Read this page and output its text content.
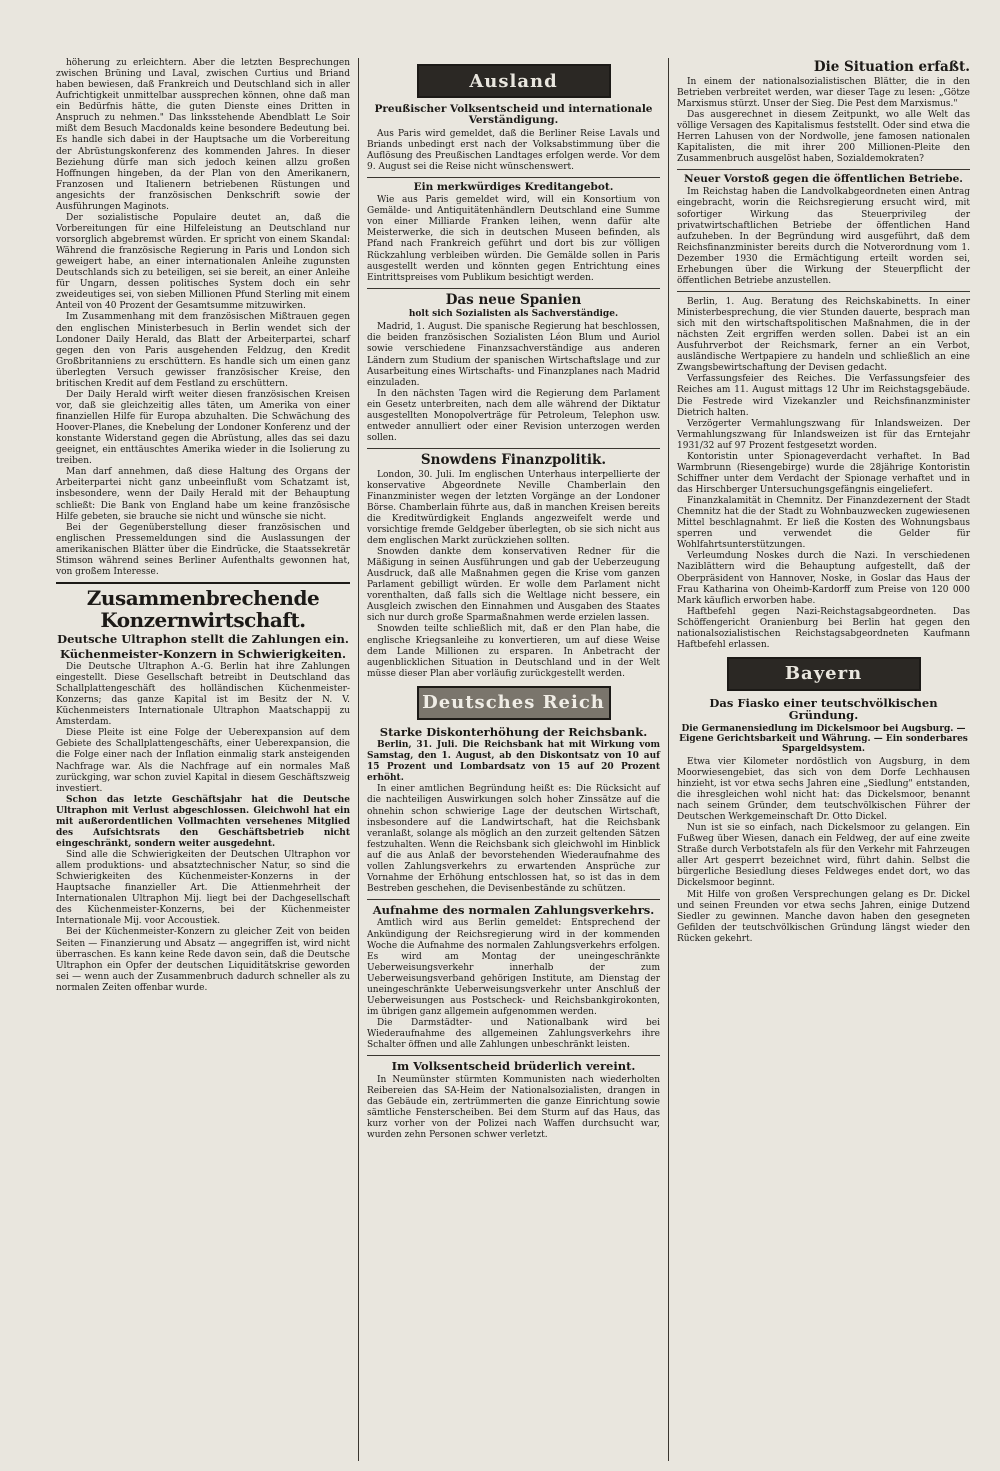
höherung zu erleichtern. Aber die letzten Besprechungen zwischen Brüning und Laval, zwischen Curtius und Briand haben bewiesen, daß Frankreich und Deutschland sich in aller Aufrichtigkeit unmittelbar aussprechen können, ohne daß man ein Bedürfnis hätte, die guten Dienste eines Dritten in Anspruch zu nehmen." Das linksstehende Abendblatt Le Soir mißt dem Besuch Macdonalds keine besondere Bedeutung bei. Es handle sich dabei in der Hauptsache um die Vorbereitung der Abrüstungskonferenz des kommenden Jahres. In dieser Beziehung dürfe man sich jedoch keinen allzu großen Hoffnungen hingeben, da der Plan von den Amerikanern, Franzosen und Italienern betriebenen Rüstungen und angesichts der französischen Denkschrift sowie der Ausführungen Maginots.

Der sozialistische Populaire deutet an, daß die Vorbereitungen für eine Hilfeleistung an Deutschland nur vorsorglich abgebremst würden. Er spricht von einem Skandal: Während die französische Regierung in Paris und London sich geweigert habe, an einer internationalen Anleihe zugunsten Deutschlands sich zu beteiligen, sei sie bereit, an einer Anleihe für Ungarn, dessen politisches System doch ein sehr zweideutiges sei, von sieben Millionen Pfund Sterling mit einem Anteil von 40 Prozent der Gesamtsumme mitzuwirken.

Im Zusammenhang mit dem französischen Mißtrauen gegen den englischen Ministerbesuch in Berlin wendet sich der Londoner Daily Herald, das Blatt der Arbeiterpartei, scharf gegen den von Paris ausgehenden Feldzug, den Kredit Großbritanniens zu erschüttern. Es handle sich um einen ganz überlegten Versuch gewisser französischer Kreise, den britischen Kredit auf dem Festland zu erschüttern.

Der Daily Herald wirft weiter diesen französischen Kreisen vor, daß sie gleichzeitig alles täten, um Amerika von einer finanziellen Hilfe für Europa abzuhalten. Die Schwächung des Hoover-Planes, die Knebelung der Londoner Konferenz und der konstante Widerstand gegen die Abrüstung, alles das sei dazu geeignet, ein enttäuschtes Amerika wieder in die Isolierung zu treiben.

Man darf annehmen, daß diese Haltung des Organs der Arbeiterpartei nicht ganz unbeeinflußt vom Schatzamt ist, insbesondere, wenn der Daily Herald mit der Behauptung schließt: Die Bank von England habe um keine französische Hilfe gebeten, sie brauche sie nicht und wünsche sie nicht.

Bei der Gegenüberstellung dieser französischen und englischen Pressemeldungen sind die Auslassungen der amerikanischen Blätter über die Eindrücke, die Staatssekretär Stimson während seines Berliner Aufenthalts gewonnen hat, von großem Interesse.

Zusammenbrechende Konzernwirtschaft.
Deutsche Ultraphon stellt die Zahlungen ein.
Küchenmeister-Konzern in Schwierigkeiten.

Die Deutsche Ultraphon A.-G. Berlin hat ihre Zahlungen eingestellt. Diese Gesellschaft betreibt in Deutschland das Schallplattengeschäft des holländischen Küchenmeister-Konzerns; das ganze Kapital ist im Besitz der N. V. Küchenmeisters Internationale Ultraphon Maatschappij zu Amsterdam.

Diese Pleite ist eine Folge der Ueberexpansion auf dem Gebiete des Schallplattengeschäfts, einer Ueberexpansion, die die Folge einer nach der Inflation einmalig stark ansteigenden Nachfrage war. Als die Nachfrage auf ein normales Maß zurückging, war schon zuviel Kapital in diesem Geschäftszweig investiert.

Schon das letzte Geschäftsjahr hat die Deutsche Ultraphon mit Verlust abgeschlossen. Gleichwohl hat ein mit außerordentlichen Vollmachten versehenes Mitglied des Aufsichtsrats den Geschäftsbetrieb nicht eingeschränkt, sondern weiter ausgedehnt.

Sind alle die Schwierigkeiten der Deutschen Ultraphon vor allem produktions- und absatztechnischer Natur, so sind die Schwierigkeiten des Küchenmeister-Konzerns in der Hauptsache finanzieller Art. Die Attienmehrheit der Internationalen Ultraphon Mij. liegt bei der Dachgesellschaft des Küchenmeister-Konzerns, bei der Küchenmeister Internationale Mij. voor Accoustiek.

Bei der Küchenmeister-Konzern zu gleicher Zeit von beiden Seiten — Finanzierung und Absatz — angegriffen ist, wird nicht überraschen. Es kann keine Rede davon sein, daß die Deutsche Ultraphon ein Opfer der deutschen Liquiditätskrise geworden sei — wenn auch der Zusammenbruch dadurch schneller als zu normalen Zeiten offenbar wurde.

Ausland
Preußischer Volksentscheid und internationale Verständigung.

Aus Paris wird gemeldet, daß die Berliner Reise Lavals und Briands unbedingt erst nach der Volksabstimmung über die Auflösung des Preußischen Landtages erfolgen werde. Vor dem 9. August sei die Reise nicht wünschenswert.

Ein merkwürdiges Kreditangebot.

Wie aus Paris gemeldet wird, will ein Konsortium von Gemälde- und Antiquitätenhändlern Deutschland eine Summe von einer Milliarde Franken leihen, wenn dafür alte Meisterwerke, die sich in deutschen Museen befinden, als Pfand nach Frankreich geführt und dort bis zur völligen Rückzahlung verbleiben würden. Die Gemälde sollen in Paris ausgestellt werden und könnten gegen Entrichtung eines Eintrittspreises vom Publikum besichtigt werden.

Das neue Spanien
holt sich Sozialisten als Sachverständige.

Madrid, 1. August. Die spanische Regierung hat beschlossen, die beiden französischen Sozialisten Léon Blum und Auriol sowie verschiedene Finanzsachverständige aus anderen Ländern zum Studium der spanischen Wirtschaftslage und zur Ausarbeitung eines Wirtschafts- und Finanzplanes nach Madrid einzuladen.

In den nächsten Tagen wird die Regierung dem Parlament ein Gesetz unterbreiten, nach dem alle während der Diktatur ausgestellten Monopolverträge für Petroleum, Telephon usw. entweder annulliert oder einer Revision unterzogen werden sollen.

Snowdens Finanzpolitik.

London, 30. Juli. Im englischen Unterhaus interpellierte der konservative Abgeordnete Neville Chamberlain den Finanzminister wegen der letzten Vorgänge an der Londoner Börse. Chamberlain führte aus, daß in manchen Kreisen bereits die Kreditwürdigkeit Englands angezweifelt werde und vorsichtige fremde Geldgeber überlegten, ob sie sich nicht aus dem englischen Markt zurückziehen sollten.

Snowden dankte dem konservativen Redner für die Mäßigung in seinen Ausführungen und gab der Ueberzeugung Ausdruck, daß alle Maßnahmen gegen die Krise vom ganzen Parlament gebilligt würden. Er wolle dem Parlament nicht vorenthalten, daß falls sich die Weltlage nicht bessere, ein Ausgleich zwischen den Einnahmen und Ausgaben des Staates sich nur durch große Sparmaßnahmen werde erzielen lassen.

Snowden teilte schließlich mit, daß er den Plan habe, die englische Kriegsanleihe zu konvertieren, um auf diese Weise dem Lande Millionen zu ersparen. In Anbetracht der augenblicklichen Situation in Deutschland und in der Welt müsse dieser Plan aber vorläufig zurückgestellt werden.

Deutsches Reich
Starke Diskonterhöhung der Reichsbank.

Berlin, 31. Juli. Die Reichsbank hat mit Wirkung vom Samstag, den 1. August, ab den Diskontsatz von 10 auf 15 Prozent und Lombardsatz von 15 auf 20 Prozent erhöht.

In einer amtlichen Begründung heißt es: Die Rücksicht auf die nachteiligen Auswirkungen solch hoher Zinssätze auf die ohnehin schon schwierige Lage der deutschen Wirtschaft, insbesondere auf die Landwirtschaft, hat die Reichsbank veranlaßt, solange als möglich an den zurzeit geltenden Sätzen festzuhalten. Wenn die Reichsbank sich gleichwohl im Hinblick auf die aus Anlaß der bevorstehenden Wiederaufnahme des vollen Zahlungsverkehrs zu erwartenden Ansprüche zur Vornahme der Erhöhung entschlossen hat, so ist das in dem Bestreben geschehen, die Devisenbestände zu schützen.

Aufnahme des normalen Zahlungsverkehrs.

Amtlich wird aus Berlin gemeldet: Entsprechend der Ankündigung der Reichsregierung wird in der kommenden Woche die Aufnahme des normalen Zahlungsverkehrs erfolgen. Es wird am Montag der uneingeschränkte Ueberweisungsverkehr innerhalb der zum Ueberweisungsverband gehörigen Institute, am Dienstag der uneingeschränkte Ueberweisungsverkehr unter Anschluß der Ueberweisungen aus Postscheck- und Reichsbankgirokonten, im übrigen ganz allgemein aufgenommen werden.

Die Darmstädter- und Nationalbank wird bei Wiederaufnahme des allgemeinen Zahlungsverkehrs ihre Schalter öffnen und alle Zahlungen unbeschränkt leisten.

Im Volksentscheid brüderlich vereint.

In Neumünster stürmten Kommunisten nach wiederholten Reibereien das SA-Heim der Nationalsozialisten, drangen in das Gebäude ein, zertrümmerten die ganze Einrichtung sowie sämtliche Fensterscheiben. Bei dem Sturm auf das Haus, das kurz vorher von der Polizei nach Waffen durchsucht war, wurden zehn Personen schwer verletzt.

Die Situation erfaßt.

In einem der nationalsozialistischen Blätter, die in den Betrieben verbreitet werden, war dieser Tage zu lesen: „Götze Marxismus stürzt. Unser der Sieg. Die Pest dem Marxismus."

Das ausgerechnet in diesem Zeitpunkt, wo alle Welt das völlige Versagen des Kapitalismus feststellt. Oder sind etwa die Herren Lahusen von der Nordwolle, jene famosen nationalen Kapitalisten, die mit ihrer 200 Millionen-Pleite den Zusammenbruch ausgelöst haben, Sozialdemokraten?

Neuer Vorstoß gegen die öffentlichen Betriebe.

Im Reichstag haben die Landvolkabgeordneten einen Antrag eingebracht, worin die Reichsregierung ersucht wird, mit sofortiger Wirkung das Steuerprivileg der privatwirtschaftlichen Betriebe der öffentlichen Hand aufzuheben. In der Begründung wird ausgeführt, daß dem Reichsfinanzminister bereits durch die Notverordnung vom 1. Dezember 1930 die Ermächtigung erteilt worden sei, Erhebungen über die Wirkung der Steuerpflicht der öffentlichen Betriebe anzustellen.

Berlin, 1. Aug. Beratung des Reichskabinetts. In einer Ministerbesprechung, die vier Stunden dauerte, besprach man sich mit den wirtschaftspolitischen Maßnahmen, die in der nächsten Zeit ergriffen werden sollen. Dabei ist an ein Ausfuhrverbot der Reichsmark, ferner an ein Verbot, ausländische Wertpapiere zu handeln und schließlich an eine Zwangsbewirtschaftung der Devisen gedacht.

Verfassungsfeier des Reiches. Die Verfassungsfeier des Reiches am 11. August mittags 12 Uhr im Reichstagsgebäude. Die Festrede wird Vizekanzler und Reichsfinanzminister Dietrich halten.

Verzögerter Vermahlungszwang für Inlandsweizen. Der Vermahlungszwang für Inlandsweizen ist für das Erntejahr 1931/32 auf 97 Prozent festgesetzt worden.

Kontoristin unter Spionageverdacht verhaftet. In Bad Warmbrunn (Riesengebirge) wurde die 28jährige Kontoristin Schiffner unter dem Verdacht der Spionage verhaftet und in das Hirschberger Untersuchungsgefängnis eingeliefert.

Finanzkalamität in Chemnitz. Der Finanzdezernent der Stadt Chemnitz hat die der Stadt zu Wohnbauzwecken zugewiesenen Mittel beschlagnahmt. Er ließ die Kosten des Wohnungsbaus sperren und verwendet die Gelder für Wohlfahrtsunterstützungen.

Verleumdung Noskes durch die Nazi. In verschiedenen Naziblättern wird die Behauptung aufgestellt, daß der Oberpräsident von Hannover, Noske, in Goslar das Haus der Frau Katharina von Oheimb-Kardorff zum Preise von 120 000 Mark käuflich erworben habe.

Haftbefehl gegen Nazi-Reichstagsabgeordneten. Das Schöffengericht Oranienburg bei Berlin hat gegen den nationalsozialistischen Reichstagsabgeordneten Kaufmann Haftbefehl erlassen.

Bayern
Das Fiasko einer teutschvölkischen Gründung.
Die Germanensiedlung im Dickelsmoor bei Augsburg. — Eigene Gerichtsbarkeit und Währung. — Ein sonderbares Spargeldsystem.

Etwa vier Kilometer nordöstlich von Augsburg, in dem Moorwiesengebiet, das sich von dem Dorfe Lechhausen hinzieht, ist vor etwa sechs Jahren eine „Siedlung" entstanden, die ihresgleichen wohl nicht hat: das Dickelsmoor, benannt nach seinem Gründer, dem teutschvölkischen Führer der Deutschen Werkgemeinschaft Dr. Otto Dickel.

Nun ist sie so einfach, nach Dickelsmoor zu gelangen. Ein Fußweg über Wiesen, danach ein Feldweg, der auf eine zweite Straße durch Verbotstafeln als für den Verkehr mit Fahrzeugen aller Art gesperrt bezeichnet wird, führt dahin. Selbst die bürgerliche Besiedlung dieses Feldweges endet dort, wo das Dickelsmoor beginnt.

Mit Hilfe von großen Versprechungen gelang es Dr. Dickel und seinen Freunden vor etwa sechs Jahren, einige Dutzend Siedler zu gewinnen. Manche davon haben den gesegneten Gefilden der teutschvölkischen Gründung längst wieder den Rücken gekehrt.
